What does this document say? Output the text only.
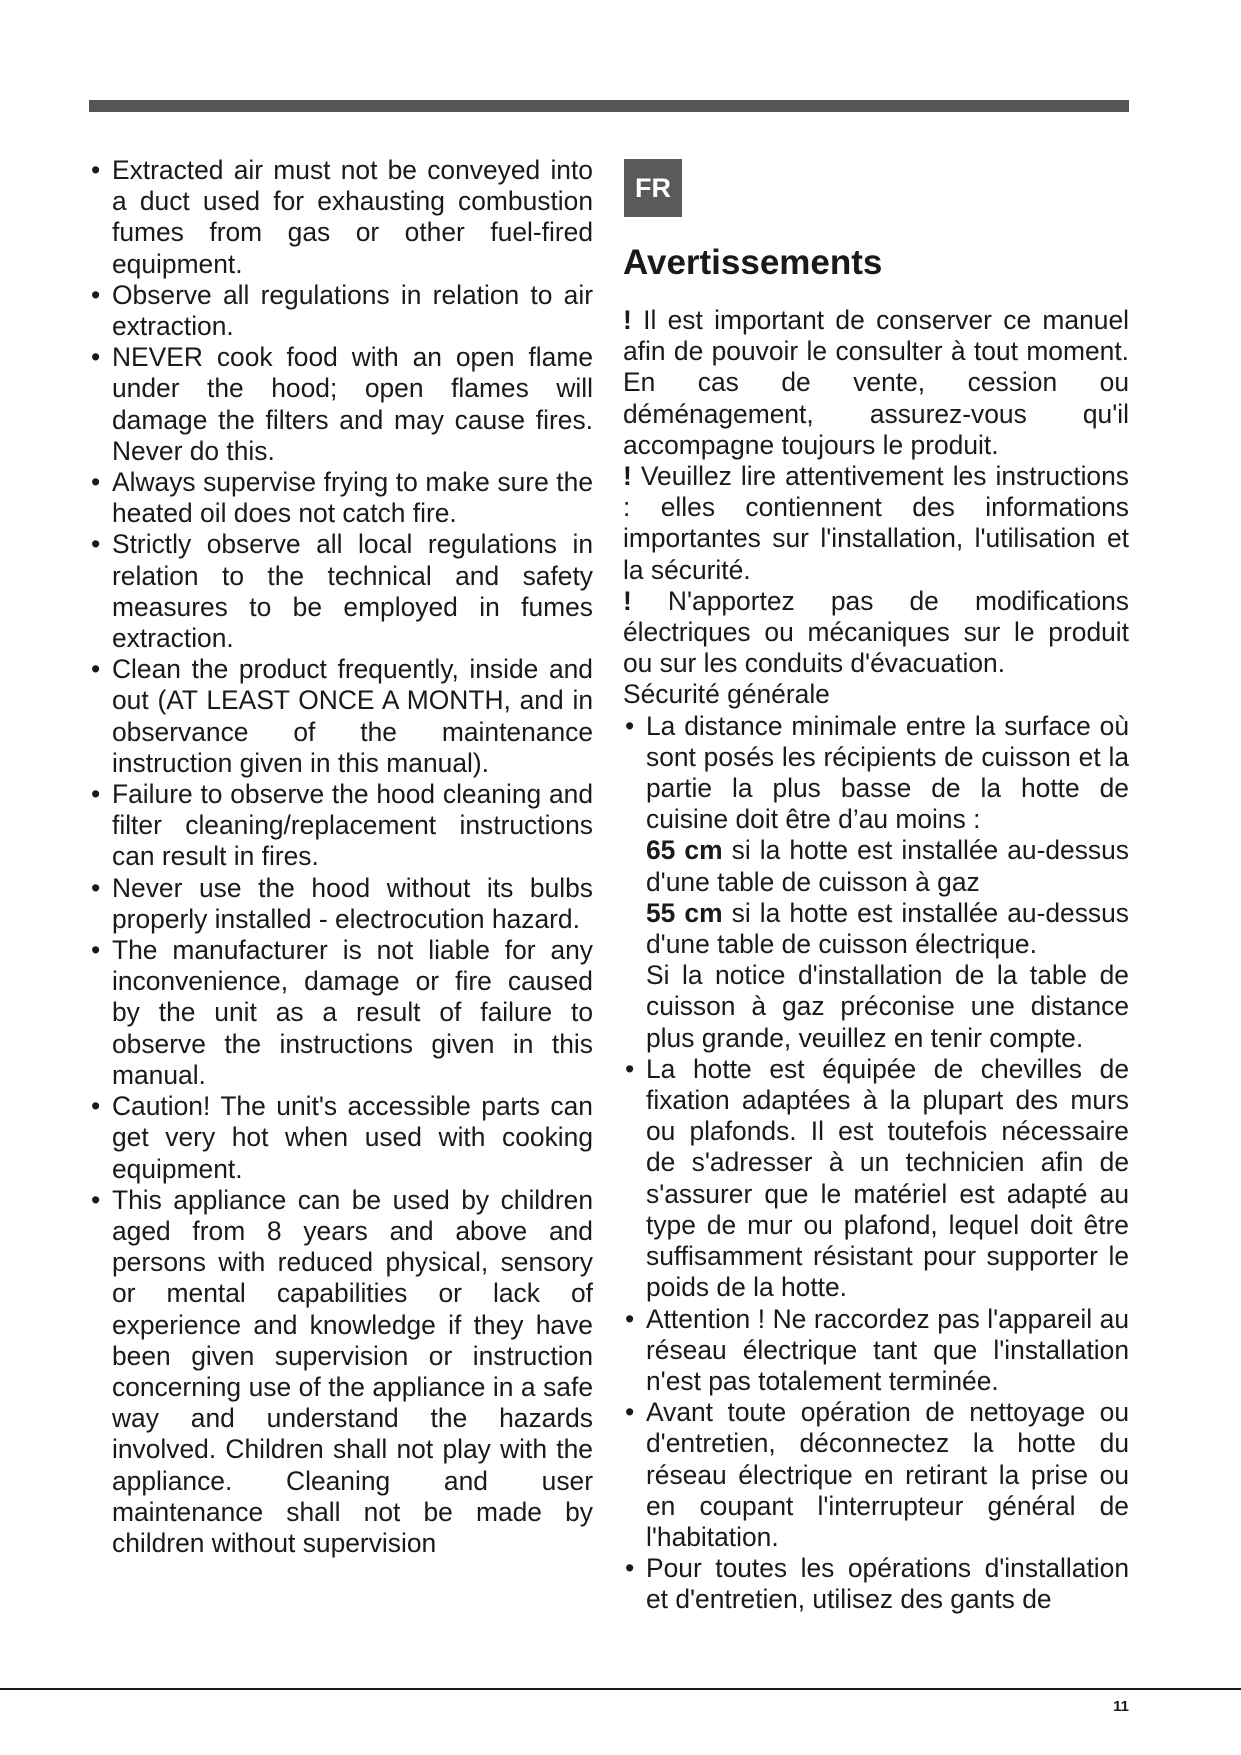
• Extracted air must not be conveyed into a duct used for exhausting combustion fumes from gas or other fuel-fired equipment.
• Observe all regulations in relation to air extraction.
• NEVER cook food with an open flame under the hood; open flames will damage the filters and may cause fires. Never do this.
• Always supervise frying to make sure the heated oil does not catch fire.
• Strictly observe all local regulations in relation to the technical and safety measures to be employed in fumes extraction.
• Clean the product frequently, inside and out (AT LEAST ONCE A MONTH, and in observance of the maintenance instruction given in this manual).
• Failure to observe the hood cleaning and filter cleaning/replacement instructions can result in fires.
• Never use the hood without its bulbs properly installed - electrocution hazard.
• The manufacturer is not liable for any inconvenience, damage or fire caused by the unit as a result of failure to observe the instructions given in this manual.
• Caution! The unit's accessible parts can get very hot when used with cooking equipment.
• This appliance can be used by children aged from 8 years and above and persons with reduced physical, sensory or mental capabilities or lack of experience and knowledge if they have been given supervision or instruction concerning use of the appliance in a safe way and understand the hazards involved. Children shall not play with the appliance. Cleaning and user maintenance shall not be made by children without supervision
FR
Avertissements

! Il est important de conserver ce manuel afin de pouvoir le consulter à tout moment. En cas de vente, cession ou déménagement, assurez-vous qu'il accompagne toujours le produit.

! Veuillez lire attentivement les instructions : elles contiennent des informations importantes sur l'installation, l'utilisation et la sécurité.

! N'apportez pas de modifications électriques ou mécaniques sur le produit ou sur les conduits d'évacuation.

Sécurité générale

• La distance minimale entre la surface où sont posés les récipients de cuisson et la partie la plus basse de la hotte de cuisine doit être d’au moins :
65 cm si la hotte est installée au-dessus d'une table de cuisson à gaz
55 cm si la hotte est installée au-dessus d'une table de cuisson électrique.
Si la notice d'installation de la table de cuisson à gaz préconise une distance plus grande, veuillez en tenir compte.
• La hotte est équipée de chevilles de fixation adaptées à la plupart des murs ou plafonds. Il est toutefois nécessaire de s'adresser à un technicien afin de s'assurer que le matériel est adapté au type de mur ou plafond, lequel doit être suffisamment résistant pour supporter le poids de la hotte.
• Attention ! Ne raccordez pas l'appareil au réseau électrique tant que l'installation n'est pas totalement terminée.
• Avant toute opération de nettoyage ou d'entretien, déconnectez la hotte du réseau électrique en retirant la prise ou en coupant l'interrupteur général de l'habitation.
• Pour toutes les opérations d'installation et d'entretien, utilisez des gants de
11
